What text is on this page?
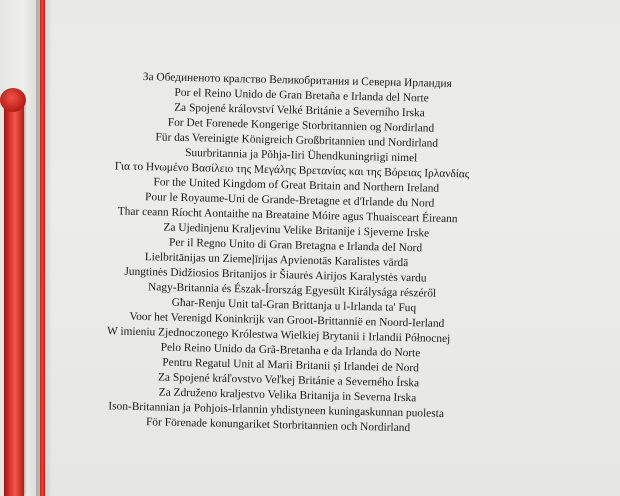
За Обединеното кралство Великобритания и Северна Ирландия
Por el Reino Unido de Gran Bretaña e Irlanda del Norte
Za Spojené království Velké Británie a Severního Irska
For Det Forenede Kongerige Storbritannien og Nordirland
Für das Vereinigte Königreich Großbritannien und Nordirland
Suurbritannia ja Põhja-Iiri Ühendkuningriigi nimel
Για το Ηνωμένο Βασίλειο της Μεγάλης Βρετανίας και της Βόρειας Ιρλανδίας
For the United Kingdom of Great Britain and Northern Ireland
Pour le Royaume-Uni de Grande-Bretagne et d'Irlande du Nord
Thar ceann Ríocht Aontaithe na Breataine Móire agus Thuaisceart Éireann
Za Ujedinjenu Kraljevinu Velike Britanije i Sjeverne Irske
Per il Regno Unito di Gran Bretagna e Irlanda del Nord
Lielbritānijas un Ziemeļīrijas Apvienotās Karalistes vārdā
Jungtinės Didžiosios Britanijos ir Šiaurės Airijos Karalystės vardu
Nagy-Britannia és Észak-Írország Egyesült Királysága részéről
Għar-Renju Unit tal-Gran Brittanja u l-Irlanda ta' Fuq
Voor het Verenigd Koninkrijk van Groot-Brittannië en Noord-Ierland
W imieniu Zjednoczonego Królestwa Wielkiej Brytanii i Irlandii Północnej
Pelo Reino Unido da Grã-Bretanha e da Irlanda do Norte
Pentru Regatul Unit al Marii Britanii și Irlandei de Nord
Za Spojené kráľovstvo Veľkej Británie a Severného Írska
Za Združeno kraljestvo Velika Britanija in Severna Irska
Ison-Britannian ja Pohjois-Irlannin yhdistyneen kuningaskunnan puolesta
För Förenade konungariket Storbritannien och Nordirland
